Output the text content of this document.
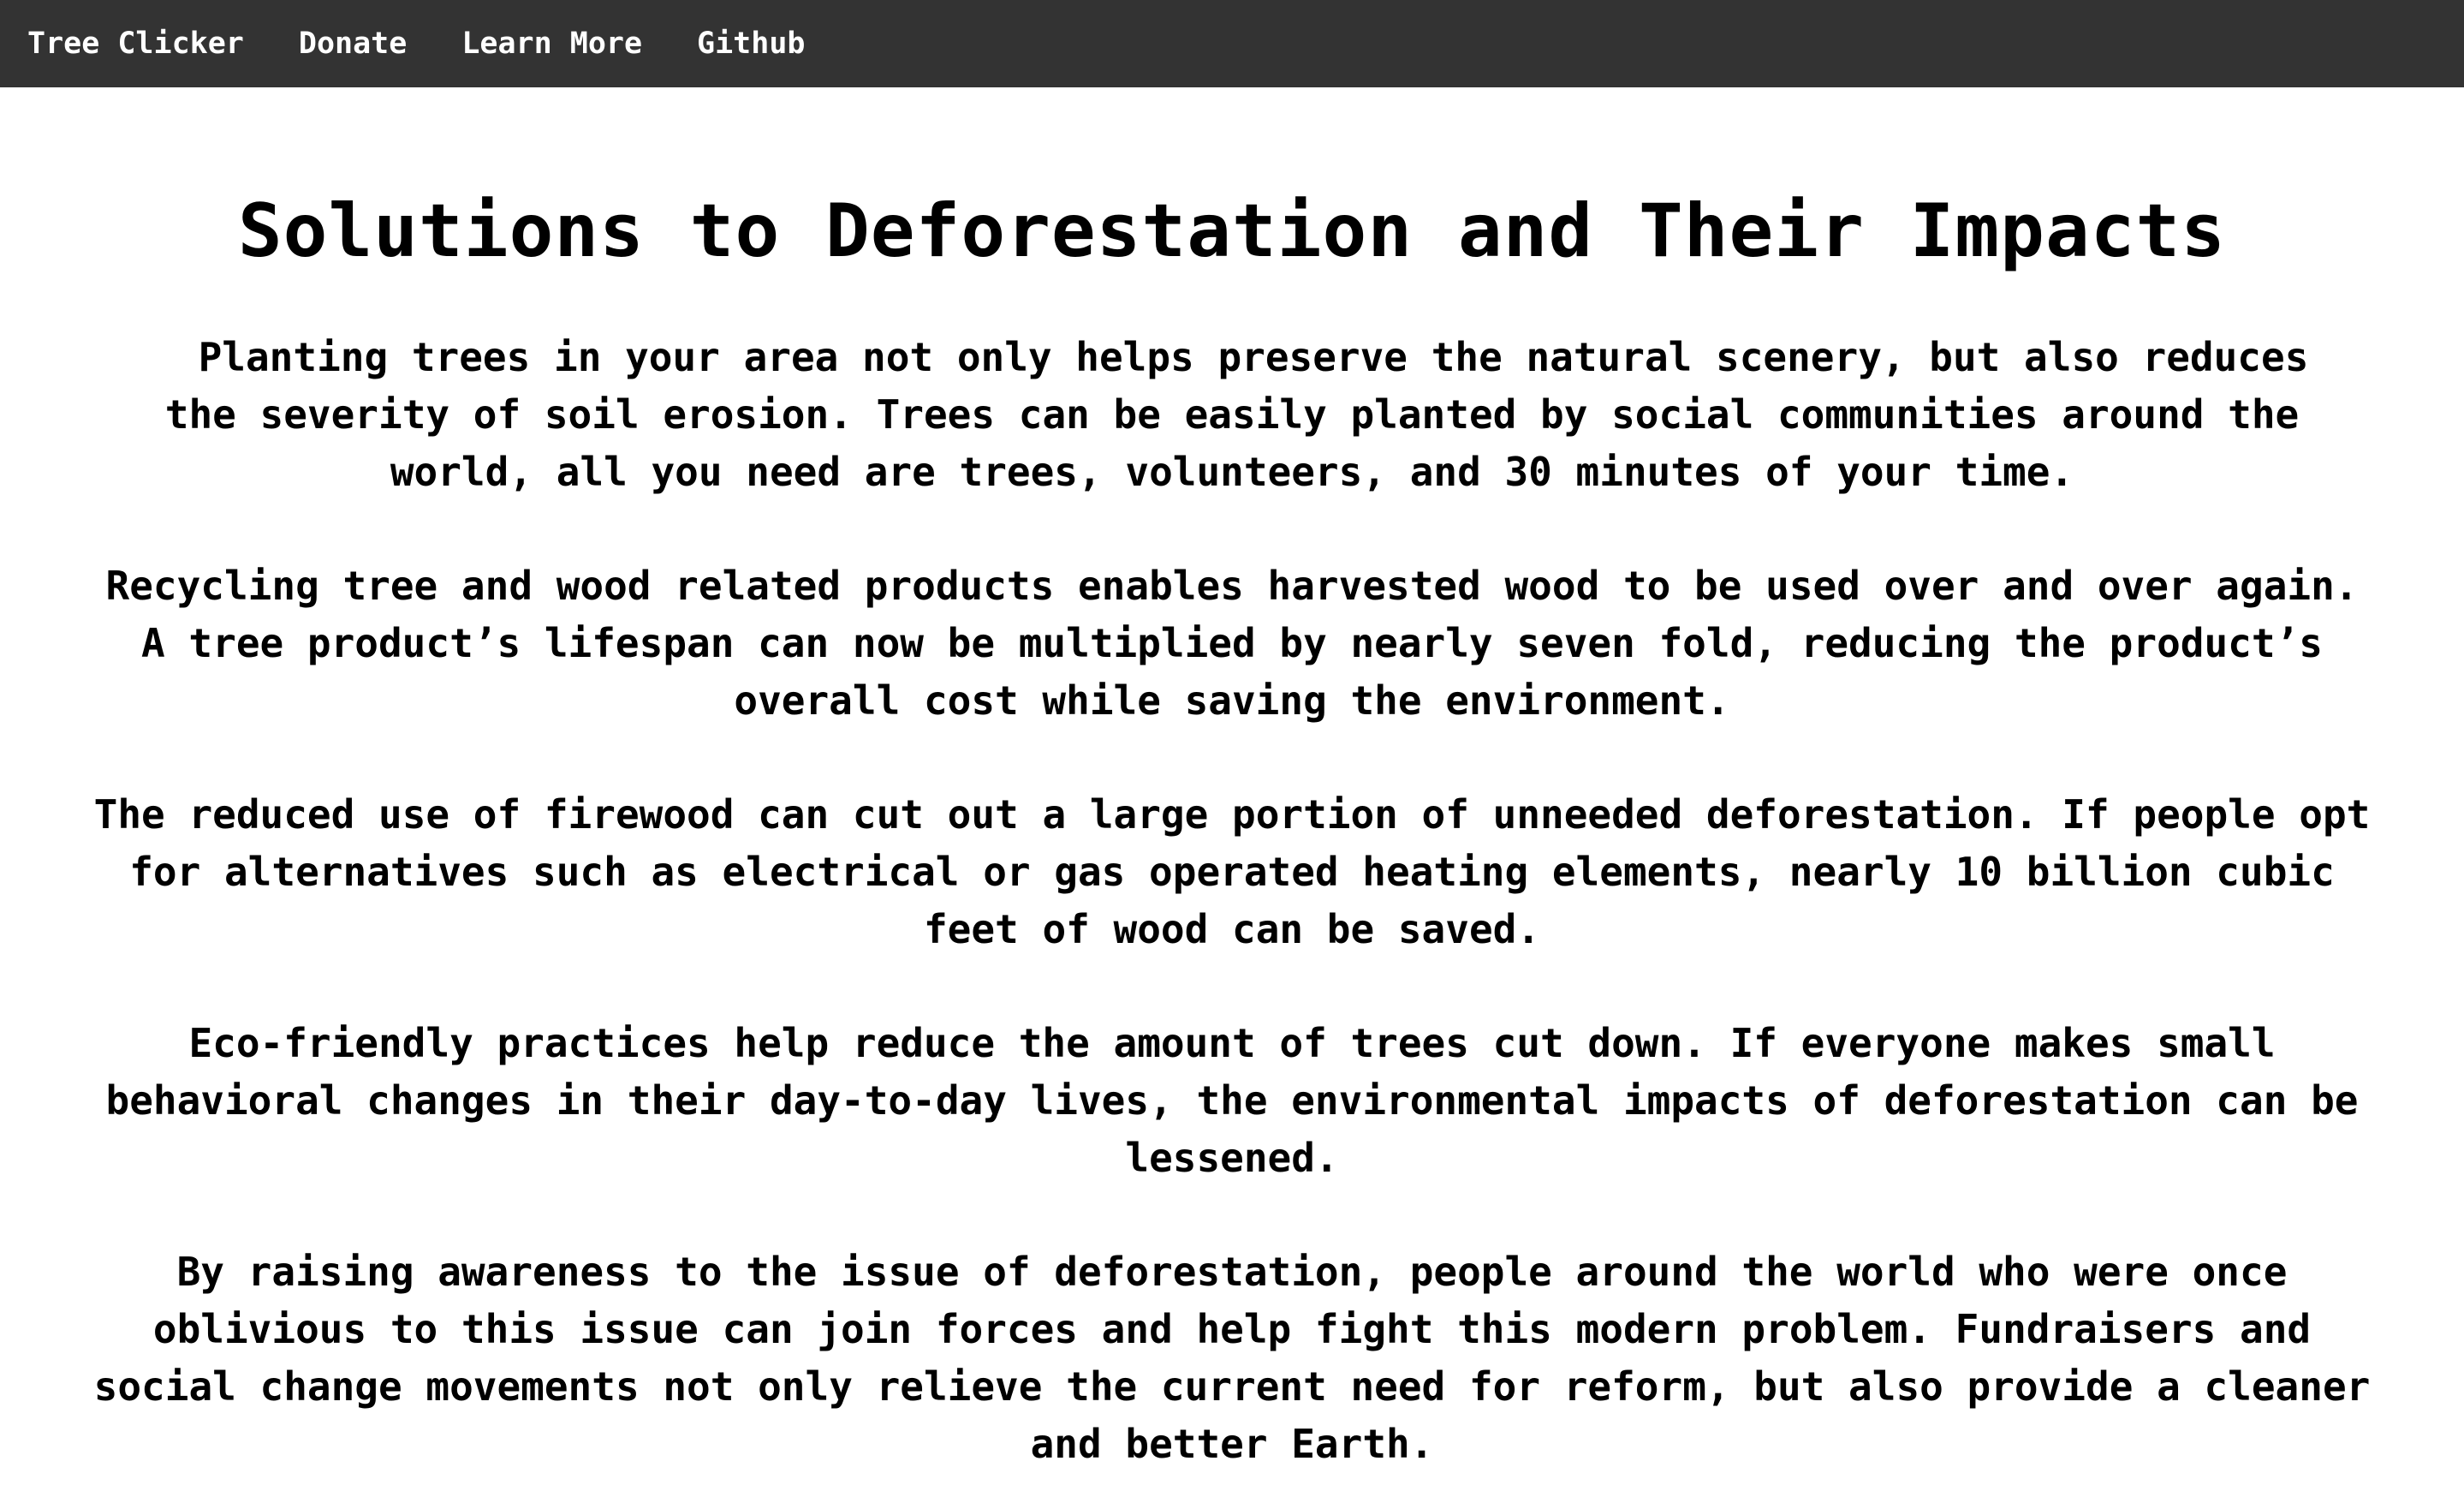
Tree Clicker	Donate	Learn More	Github
Solutions to Deforestation and Their Impacts

Planting trees in your area not only helps preserve the natural scenery, but also reduces the severity of soil erosion. Trees can be easily planted by social communities around the world, all you need are trees, volunteers, and 30 minutes of your time.

Recycling tree and wood related products enables harvested wood to be used over and over again. A tree product’s lifespan can now be multiplied by nearly seven fold, reducing the product’s overall cost while saving the environment.

The reduced use of firewood can cut out a large portion of unneeded deforestation. If people opt for alternatives such as electrical or gas operated heating elements, nearly 10 billion cubic feet of wood can be saved.

Eco-friendly practices help reduce the amount of trees cut down. If everyone makes small behavioral changes in their day-to-day lives, the environmental impacts of deforestation can be lessened.

By raising awareness to the issue of deforestation, people around the world who were once oblivious to this issue can join forces and help fight this modern problem. Fundraisers and social change movements not only relieve the current need for reform, but also provide a cleaner and better Earth.
